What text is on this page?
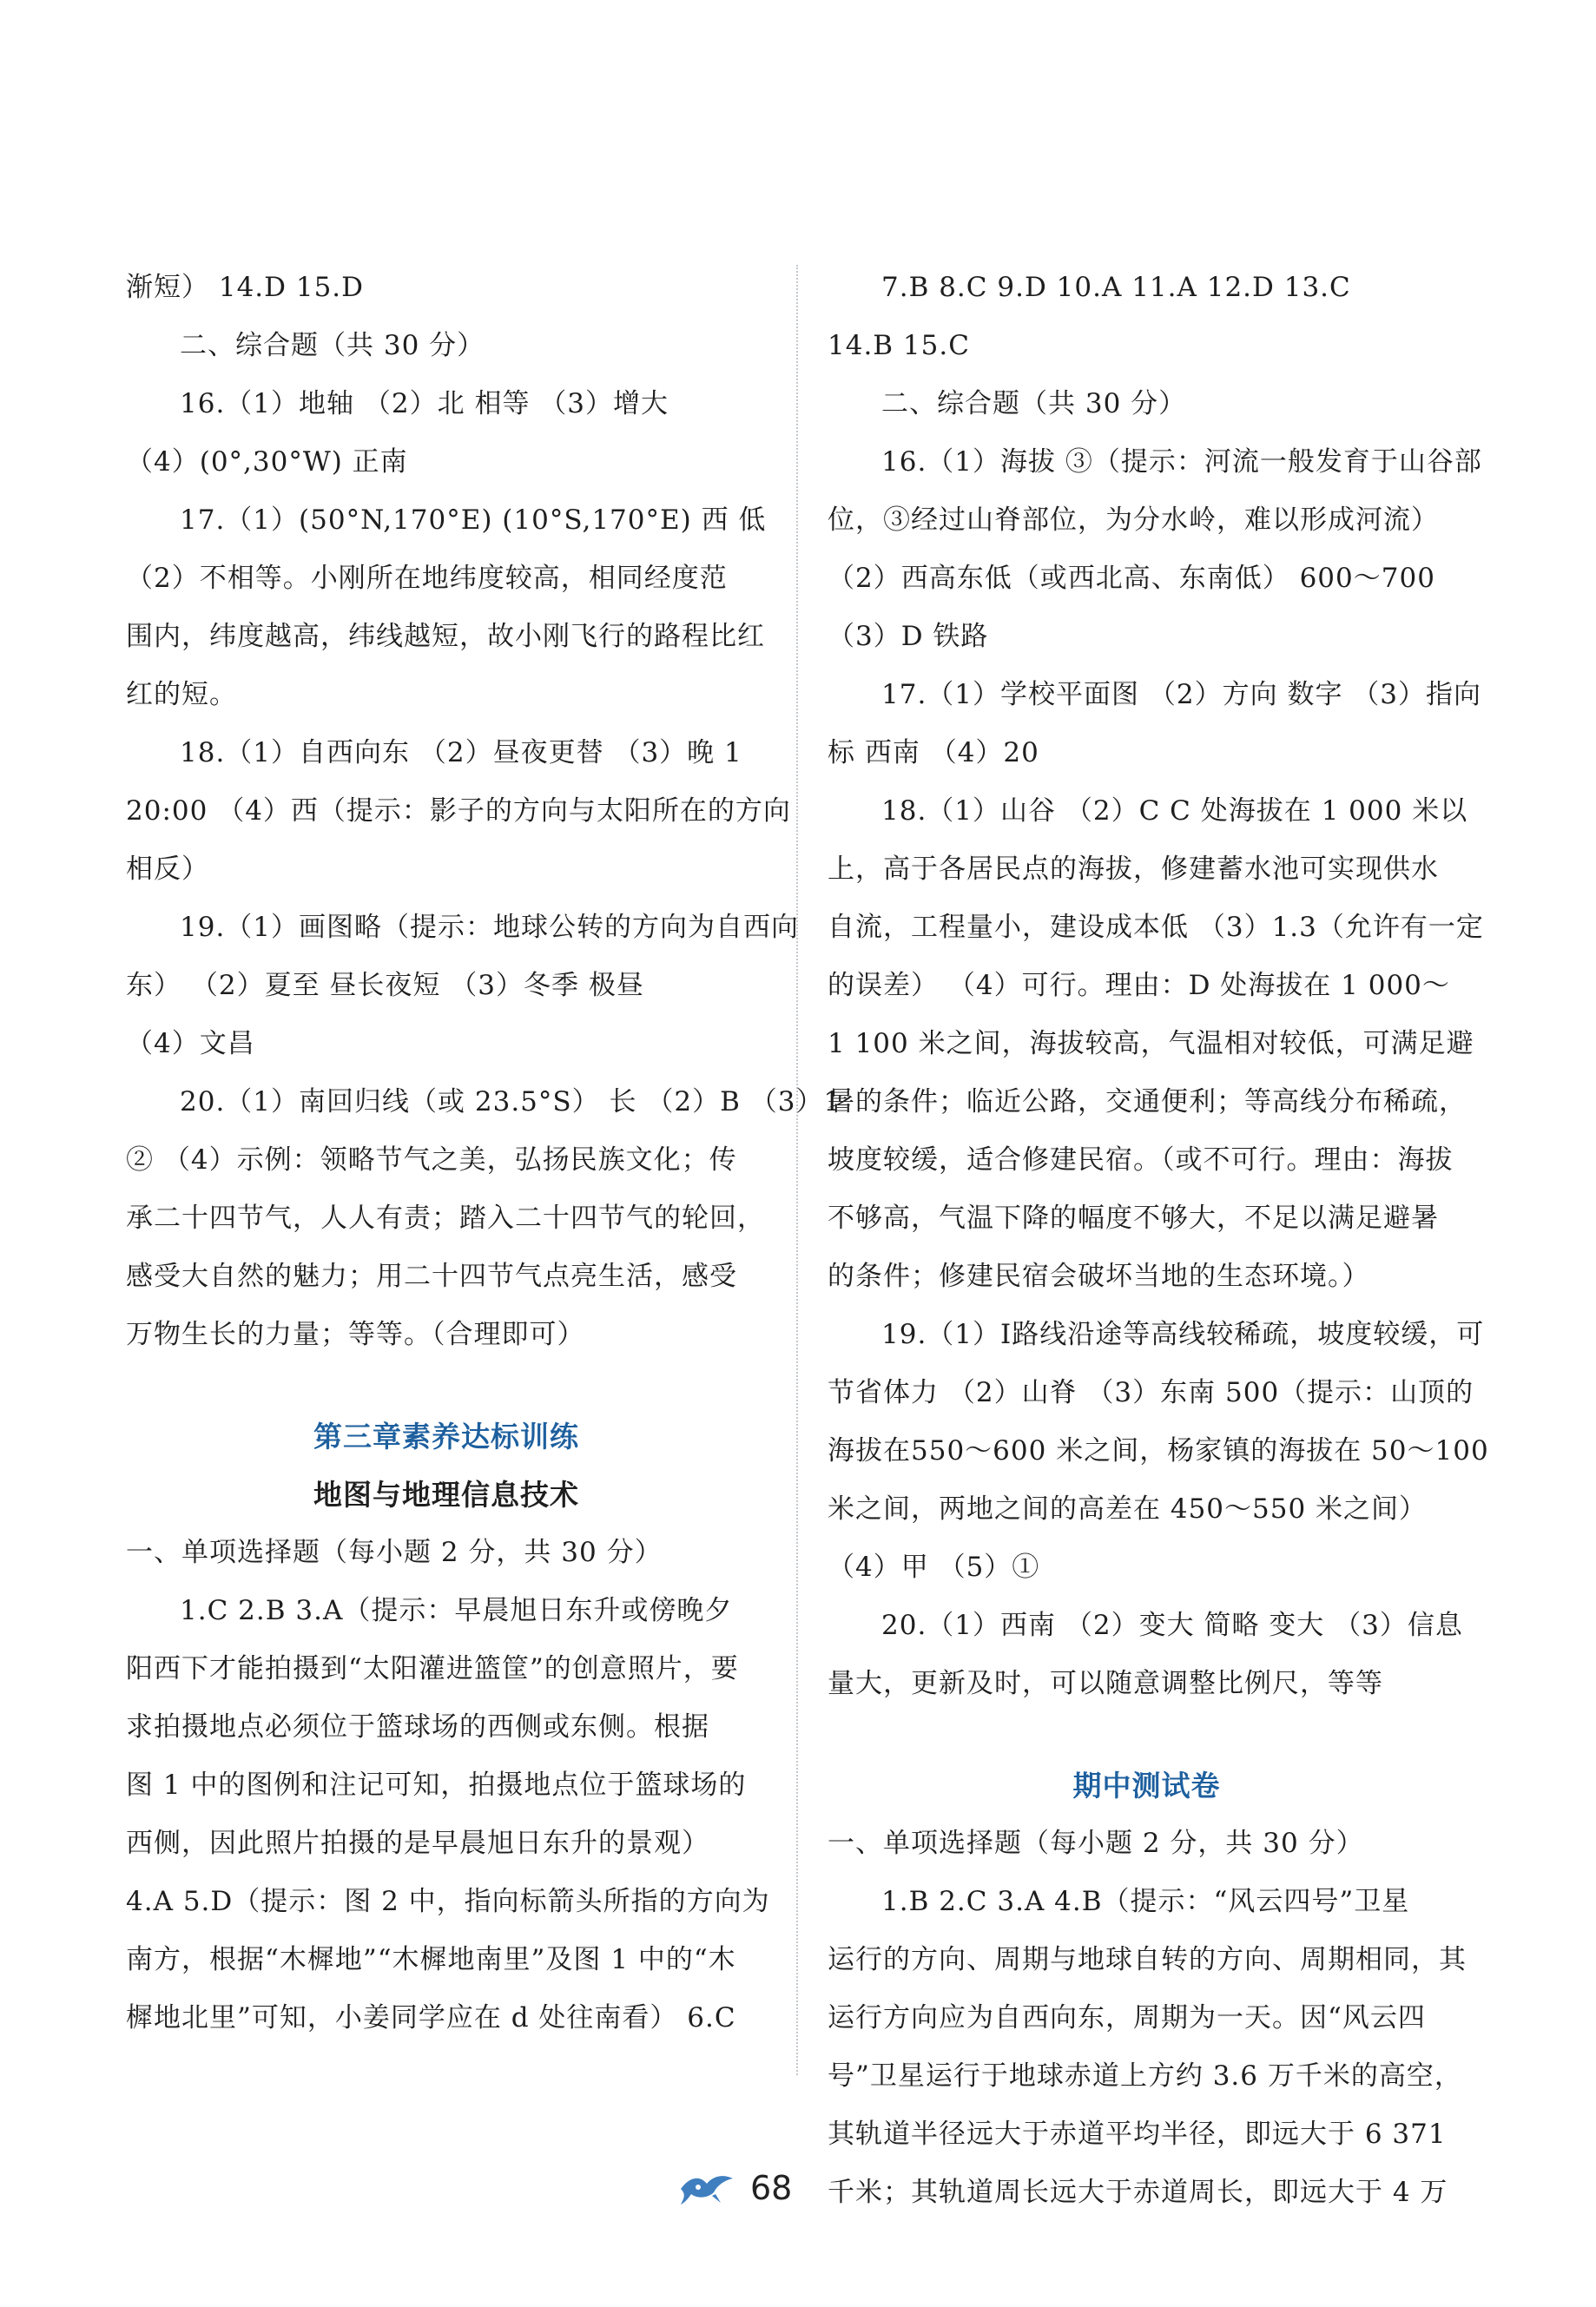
渐短） 14.D 15.D
二、综合题（共 30 分）
16.（1）地轴 （2）北 相等 （3）增大
（4）(0°,30°W) 正南
17.（1）(50°N,170°E) (10°S,170°E) 西 低
（2）不相等。小刚所在地纬度较高，相同经度范
围内，纬度越高，纬线越短，故小刚飞行的路程比红
红的短。
18.（1）自西向东 （2）昼夜更替 （3）晚 1
20:00 （4）西（提示：影子的方向与太阳所在的方向
相反）
19.（1）画图略（提示：地球公转的方向为自西向
东） （2）夏至 昼长夜短 （3）冬季 极昼
（4）文昌
20.（1）南回归线（或 23.5°S） 长 （2）B （3）1
② （4）示例：领略节气之美，弘扬民族文化；传
承二十四节气，人人有责；踏入二十四节气的轮回，
感受大自然的魅力；用二十四节气点亮生活，感受
万物生长的力量；等等。（合理即可）
第三章素养达标训练
地图与地理信息技术
一、单项选择题（每小题 2 分，共 30 分）
1.C 2.B 3.A（提示：早晨旭日东升或傍晚夕
阳西下才能拍摄到“太阳灌进篮筐”的创意照片，要
求拍摄地点必须位于篮球场的西侧或东侧。根据
图 1 中的图例和注记可知，拍摄地点位于篮球场的
西侧，因此照片拍摄的是早晨旭日东升的景观）
4.A 5.D（提示：图 2 中，指向标箭头所指的方向为
南方，根据“木樨地”“木樨地南里”及图 1 中的“木
樨地北里”可知，小姜同学应在 d 处往南看） 6.C
7.B 8.C 9.D 10.A 11.A 12.D 13.C
14.B 15.C
二、综合题（共 30 分）
16.（1）海拔 ③（提示：河流一般发育于山谷部
位，③经过山脊部位，为分水岭，难以形成河流）
（2）西高东低（或西北高、东南低） 600～700
（3）D 铁路
17.（1）学校平面图 （2）方向 数字 （3）指向
标 西南 （4）20
18.（1）山谷 （2）C C 处海拔在 1 000 米以
上，高于各居民点的海拔，修建蓄水池可实现供水
自流，工程量小，建设成本低 （3）1.3（允许有一定
的误差） （4）可行。理由：D 处海拔在 1 000～
1 100 米之间，海拔较高，气温相对较低，可满足避
暑的条件；临近公路，交通便利；等高线分布稀疏，
坡度较缓，适合修建民宿。（或不可行。理由：海拔
不够高，气温下降的幅度不够大，不足以满足避暑
的条件；修建民宿会破坏当地的生态环境。）
19.（1）Ⅰ路线沿途等高线较稀疏，坡度较缓，可
节省体力 （2）山脊 （3）东南 500（提示：山顶的
海拔在550～600 米之间，杨家镇的海拔在 50～100
米之间，两地之间的高差在 450～550 米之间）
（4）甲 （5）①
20.（1）西南 （2）变大 简略 变大 （3）信息
量大，更新及时，可以随意调整比例尺，等等
期中测试卷
一、单项选择题（每小题 2 分，共 30 分）
1.B 2.C 3.A 4.B（提示：“风云四号”卫星
运行的方向、周期与地球自转的方向、周期相同，其
运行方向应为自西向东，周期为一天。因“风云四
号”卫星运行于地球赤道上方约 3.6 万千米的高空，
其轨道半径远大于赤道平均半径，即远大于 6 371
千米；其轨道周长远大于赤道周长，即远大于 4 万
68
